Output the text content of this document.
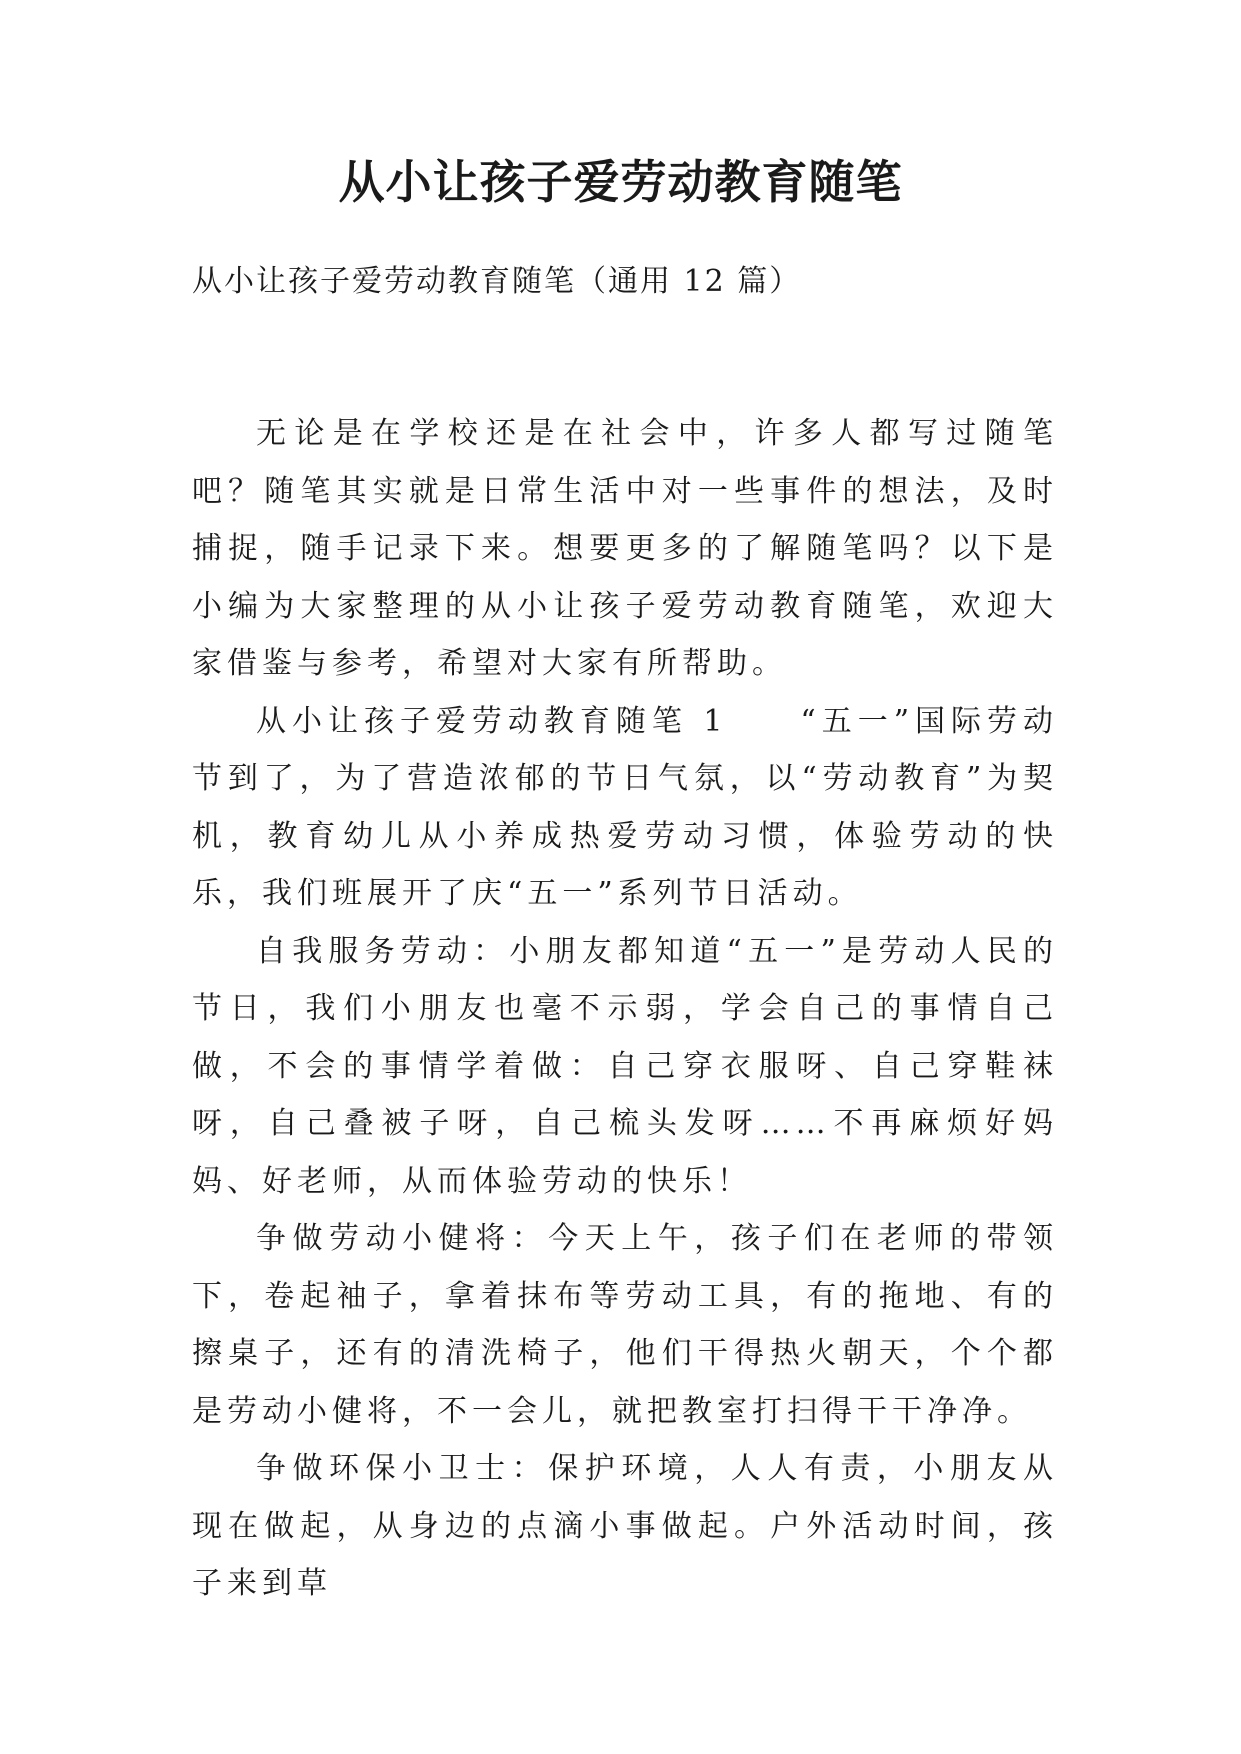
从小让孩子爱劳动教育随笔

从小让孩子爱劳动教育随笔（通用 12 篇）

无论是在学校还是在社会中，许多人都写过随笔吧？随笔其实就是日常生活中对一些事件的想法，及时捕捉，随手记录下来。想要更多的了解随笔吗？以下是小编为大家整理的从小让孩子爱劳动教育随笔，欢迎大家借鉴与参考，希望对大家有所帮助。

从小让孩子爱劳动教育随笔 1　　“五一”国际劳动节到了，为了营造浓郁的节日气氛，以“劳动教育”为契机，教育幼儿从小养成热爱劳动习惯，体验劳动的快乐，我们班展开了庆“五一”系列节日活动。

自我服务劳动：小朋友都知道“五一”是劳动人民的节日，我们小朋友也毫不示弱，学会自己的事情自己做，不会的事情学着做：自己穿衣服呀、自己穿鞋袜呀，自己叠被子呀，自己梳头发呀……不再麻烦好妈妈、好老师，从而体验劳动的快乐！

争做劳动小健将：今天上午，孩子们在老师的带领下，卷起袖子，拿着抹布等劳动工具，有的拖地、有的擦桌子，还有的清洗椅子，他们干得热火朝天，个个都是劳动小健将，不一会儿，就把教室打扫得干干净净。

争做环保小卫士：保护环境，人人有责，小朋友从现在做起，从身边的点滴小事做起。户外活动时间，孩子来到草
